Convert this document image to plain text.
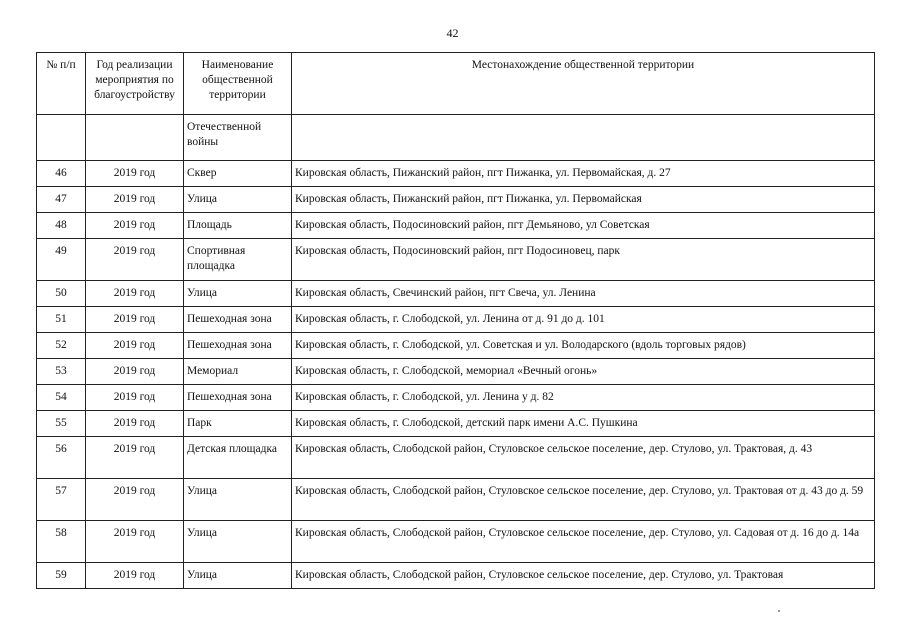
42
№ п/п	Год реализации мероприятия по благоустройству	Наименование общественной территории	Местонахождение общественной территории
		Отечественной войны	
46	2019 год	Сквер	Кировская область, Пижанский район, пгт Пижанка, ул. Первомайская, д. 27
47	2019 год	Улица	Кировская область, Пижанский район, пгт Пижанка, ул. Первомайская
48	2019 год	Площадь	Кировская область, Подосиновский район, пгт Демьяново, ул Советская
49	2019 год	Спортивная площадка	Кировская область, Подосиновский район, пгт Подосиновец, парк
50	2019 год	Улица	Кировская область, Свечинский район, пгт Свеча, ул. Ленина
51	2019 год	Пешеходная зона	Кировская область, г. Слободской, ул. Ленина от д. 91 до д. 101
52	2019 год	Пешеходная зона	Кировская область, г. Слободской, ул. Советская и ул. Володарского (вдоль торговых рядов)
53	2019 год	Мемориал	Кировская область, г. Слободской, мемориал «Вечный огонь»
54	2019 год	Пешеходная зона	Кировская область, г. Слободской, ул. Ленина у д. 82
55	2019 год	Парк	Кировская область, г. Слободской, детский парк имени А.С. Пушкина
56	2019 год	Детская площадка	Кировская область, Слободской район, Стуловское сельское поселение, дер. Стулово, ул. Трактовая, д. 43
57	2019 год	Улица	Кировская область, Слободской район, Стуловское сельское поселение, дер. Стулово, ул. Трактовая от д. 43 до д. 59
58	2019 год	Улица	Кировская область, Слободской район, Стуловское сельское поселение, дер. Стулово, ул. Садовая от д. 16 до д. 14а
59	2019 год	Улица	Кировская область, Слободской район, Стуловское сельское поселение, дер. Стулово, ул. Трактовая
